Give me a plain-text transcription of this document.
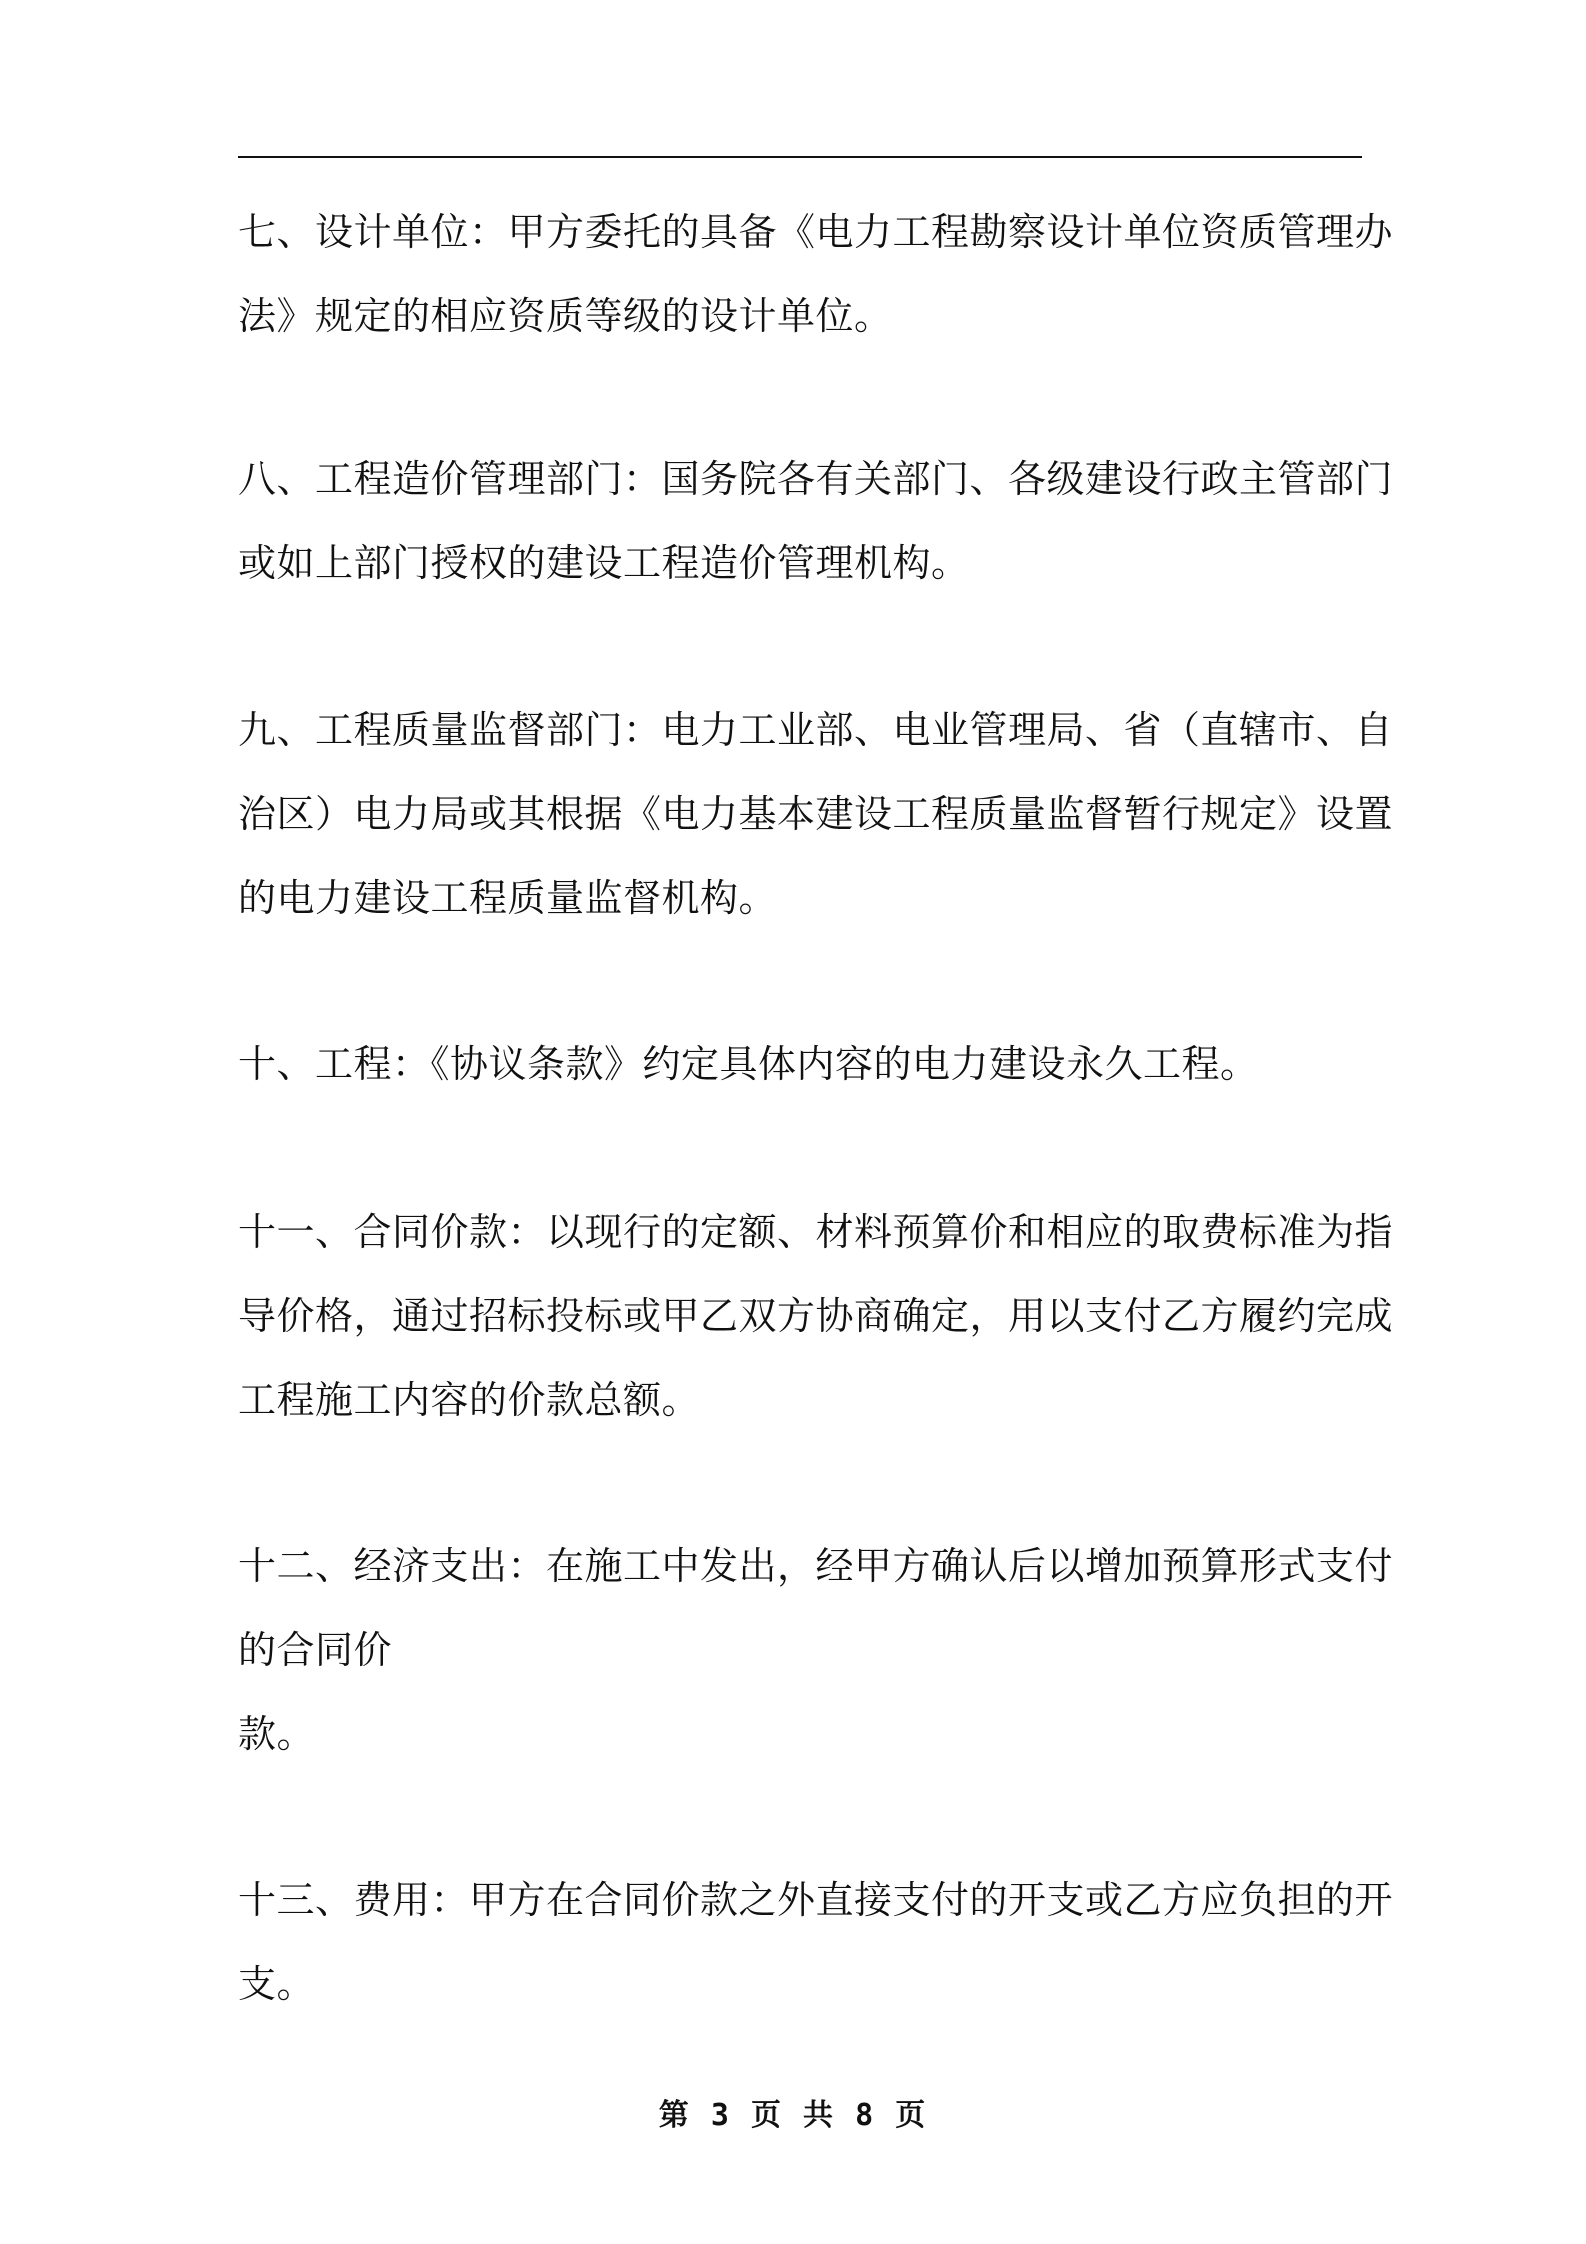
七、设计单位：甲方委托的具备《电力工程勘察设计单位资质管理办
法》规定的相应资质等级的设计单位。
八、工程造价管理部门：国务院各有关部门、各级建设行政主管部门
或如上部门授权的建设工程造价管理机构。
九、工程质量监督部门：电力工业部、电业管理局、省（直辖市、自
治区）电力局或其根据《电力基本建设工程质量监督暂行规定》设置
的电力建设工程质量监督机构。
十、工程：《协议条款》约定具体内容的电力建设永久工程。
十一、合同价款：以现行的定额、材料预算价和相应的取费标准为指
导价格，通过招标投标或甲乙双方协商确定，用以支付乙方履约完成
工程施工内容的价款总额。
十二、经济支出：在施工中发出，经甲方确认后以增加预算形式支付
的合同价
款。
十三、费用：甲方在合同价款之外直接支付的开支或乙方应负担的开
支。
第 3 页 共 8 页
